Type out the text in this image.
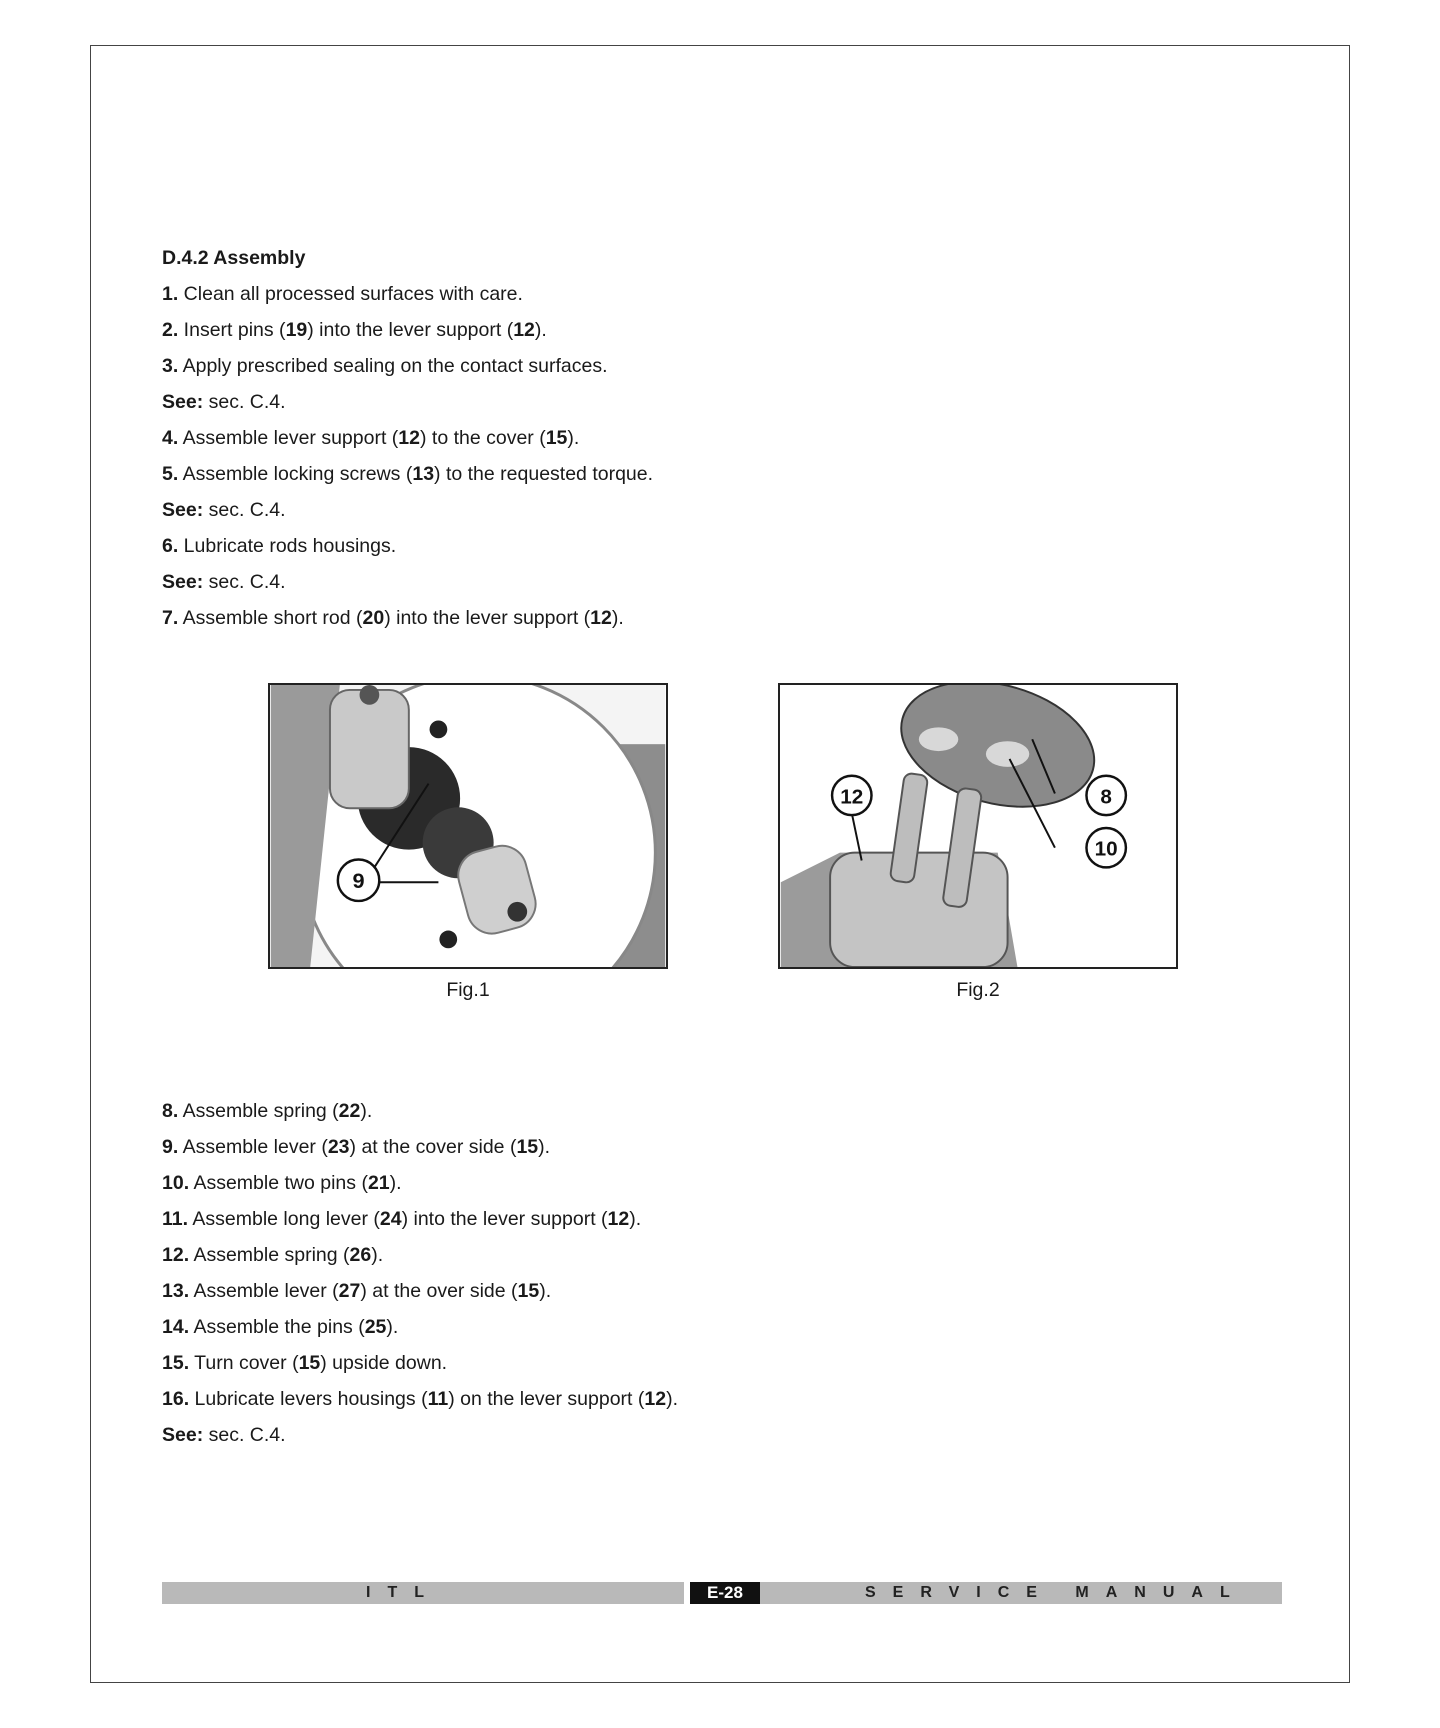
D.4.2 Assembly
1. Clean all processed surfaces with care.
2. Insert pins (19) into the lever support (12).
3. Apply prescribed sealing on the contact surfaces.
See: sec. C.4.
4. Assemble lever support (12) to the cover (15).
5. Assemble locking screws (13) to the requested torque.
See: sec. C.4.
6. Lubricate rods housings.
See: sec. C.4.
7. Assemble short rod (20) into the lever support (12).
9
Fig.1
12	8
10
Fig.2
8. Assemble spring (22).
9. Assemble lever (23) at the cover side (15).
10. Assemble two pins (21).
11. Assemble long lever (24) into the lever support (12).
12. Assemble spring (26).
13. Assemble lever (27) at the over side (15).
14. Assemble the pins (25).
15. Turn cover (15) upside down.
16. Lubricate levers housings (11) on the lever support (12).
See: sec. C.4.
ITL	E-28	SERVICE MANUAL
